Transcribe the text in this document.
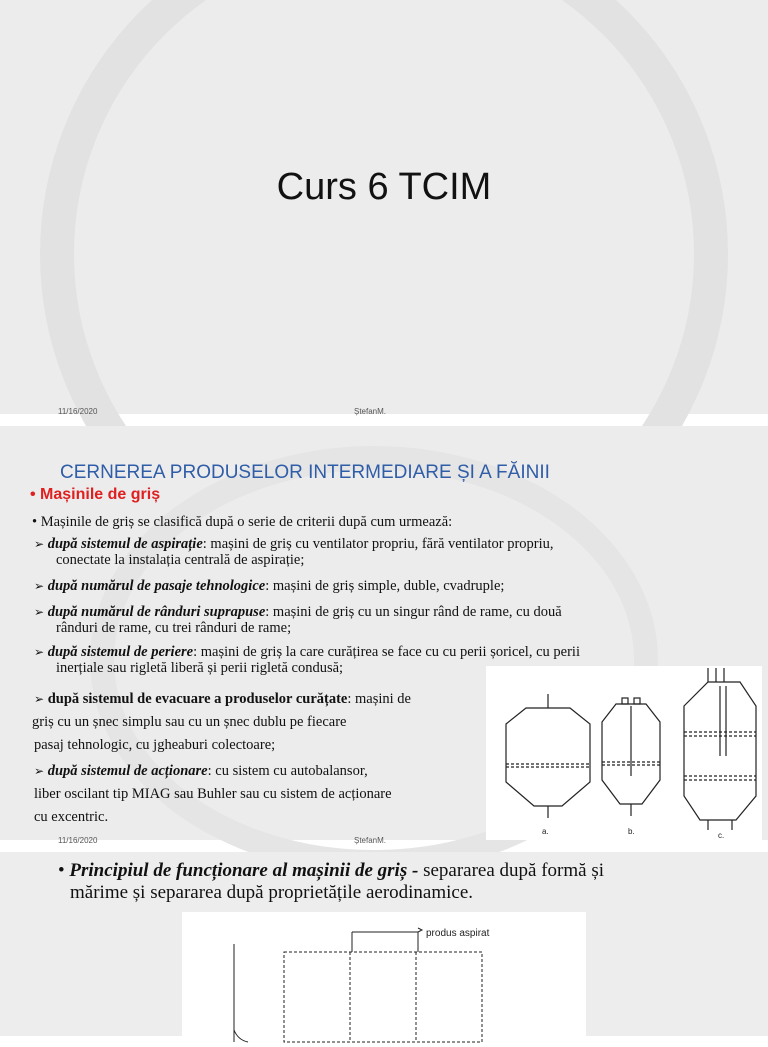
Curs 6 TCIM
11/16/2020	ȘtefanM.
CERNEREA PRODUSELOR INTERMEDIARE ȘI A FĂINII
• Mașinile de griș
• Mașinile de griș se clasifică după o serie de criterii după cum urmează:
➢ după sistemul de aspirație: mașini de griș cu ventilator propriu, fără ventilator propriu,
conectate la instalația centrală de aspirație;
➢ după numărul de pasaje tehnologice: mașini de griș simple, duble, cvadruple;
➢ după numărul de rânduri suprapuse: mașini de griș cu un singur rând de rame, cu două
rânduri de rame, cu trei rânduri de rame;
➢ după sistemul de periere: mașini de griș la care curățirea se face cu cu perii șoricel, cu perii
inerțiale sau rigletă liberă și perii rigletă condusă;
➢ după sistemul de evacuare a produselor curățate: mașini de
griș cu un șnec simplu sau cu un șnec dublu pe fiecare
pasaj tehnologic, cu jgheaburi colectoare;
➢ după sistemul de acționare: cu sistem cu autobalansor,
liber oscilant tip MIAG sau Buhler sau cu sistem de acționare
cu excentric.
a.	b.	c.
11/16/2020	ȘtefanM.
• Principiul de funcționare al mașinii de griș - separarea după formă și
mărime și separarea după proprietățile aerodinamice.
produs aspirat
